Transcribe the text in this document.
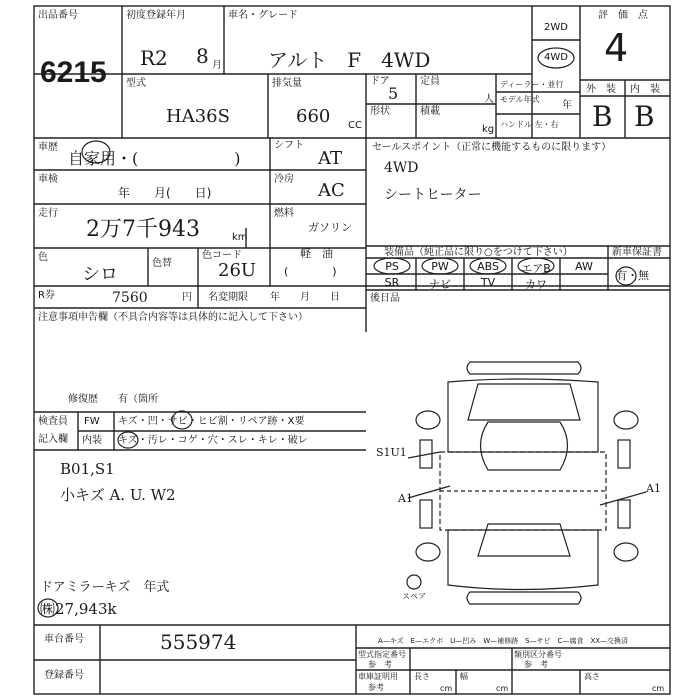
出品番号
6215
初度登録年月
R2 8 月
車名・グレード
アルト　F　4WD
2WD
4WD
評　価　点
4
外　装 内　装
B B
型式
HA36S
排気量
660 CC
ドア
5
形状
定員
人
積載
kg
ディーラー・並行
モデル年式
年
ハンドル 左・右
車歴
自家用・(　　　　　　)
車検
年　　月(　　日)
走行
2万7千943	km
色
シロ
色替
色コード
26U
シフト
AT
冷房
AC
燃料
ガソリン
軽　油
(　　　　)
R券	7560	円 名変期限 年　　月　　日
セールスポイント（正常に機能するものに限ります）
4WD
シートヒーター
装備品（純正品に限り○をつけて下さい）	新車保証書
PS	PW	ABS	エアB	AW
SR	ナビ	TV	カワ
有・無
後日品
注意事項申告欄（不具合内容等は具体的に記入して下さい）
修復歴　　有（箇所
検査員
記入欄
FW キズ・凹・サビ・ヒビ割・リペア跡・X要
内装 キズ・汚レ・コゲ・穴・スレ・キレ・破レ
B01,S1
小キズ A. U. W2
ドアミラーキズ　年式
㈱27,943k
S1U1
A1
A1
スペア
車台番号	555974
登録番号
A—キズ　E—エクボ　U—凹み　W—補修跡　S—サビ　C—腐食　XX—交換済
型式指定番号
参　考
類別区分番号
参　考
車庫証明用
参考
長さ
cm
幅
cm
高さ
cm
